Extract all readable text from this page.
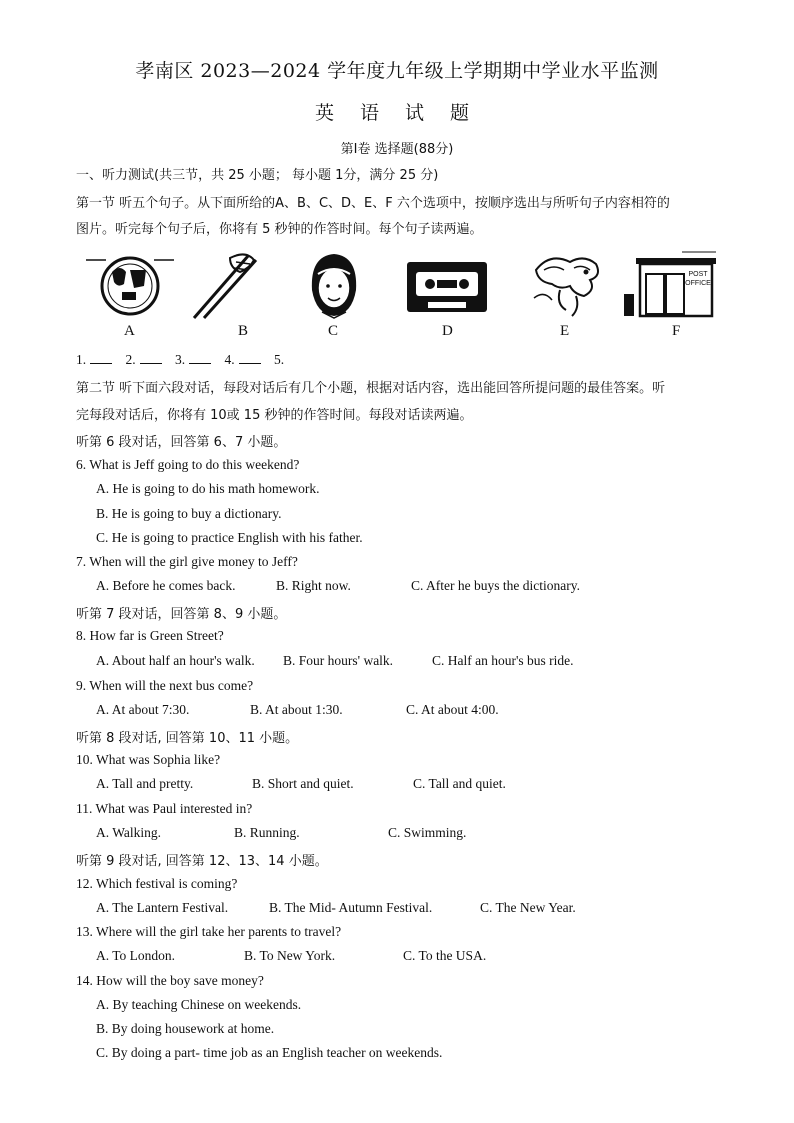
孝南区 2023—2024 学年度九年级上学期期中学业水平监测
英 语 试 题
第Ⅰ卷 选择题(88分)
一、听力测试(共三节，共 25 小题； 每小题 1分，满分 25 分)
第一节 听五个句子。从下面所给的A、B、C、D、E、F 六个选项中，按顺序选出与所听句子内容相符的
图片。听完每个句子后，你将有 5 秒钟的作答时间。每个句子读两遍。
A	B	C	D	E
POST
OFFICE
F
1.	2.	3.	4.	5.
第二节 听下面六段对话，每段对话后有几个小题，根据对话内容，选出能回答所提问题的最佳答案。听
完每段对话后，你将有 10或 15 秒钟的作答时间。每段对话读两遍。
听第 6 段对话，回答第 6、7 小题。
6. What is Jeff going to do this weekend?
A. He is going to do his math homework.
B. He is going to buy a dictionary.
C. He is going to practice English with his father.
7. When will the girl give money to Jeff?
A. Before he comes back.	B. Right now.	C. After he buys the dictionary.
听第 7 段对话，回答第 8、9 小题。
8. How far is Green Street?
A. About half an hour's walk. B. Four hours' walk.	C. Half an hour's bus ride.
9. When will the next bus come?
A. At about 7:30.	B. At about 1:30.	C. At about 4:00.
听第 8 段对话, 回答第 10、11 小题。
10. What was Sophia like?
A. Tall and pretty.	B. Short and quiet.	C. Tall and quiet.
11. What was Paul interested in?
A. Walking.	B. Running.	C. Swimming.
听第 9 段对话, 回答第 12、13、14 小题。
12. Which festival is coming?
A. The Lantern Festival.	B. The Mid- Autumn Festival.	C. The New Year.
13. Where will the girl take her parents to travel?
A. To London.	B. To New York.	C. To the USA.
14. How will the boy save money?
A. By teaching Chinese on weekends.
B. By doing housework at home.
C. By doing a part- time job as an English teacher on weekends.
